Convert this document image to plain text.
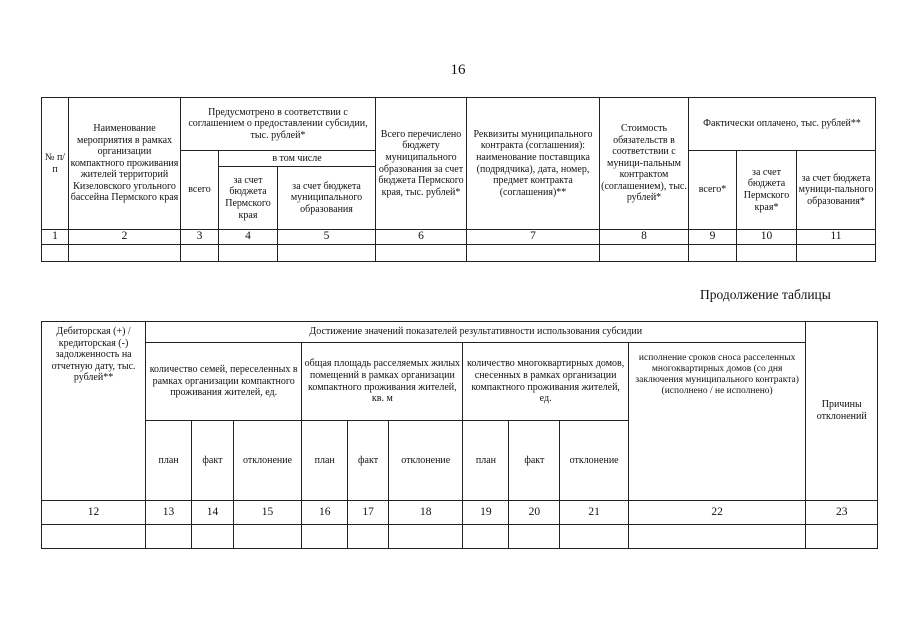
16
№ п/п	Наименование мероприятия в рамках организации компактного проживания жителей территорий Кизеловского угольного бассейна Пермского края	Предусмотрено в соответствии с соглашением о предоставлении субсидии, тыс. рублей*			Всего перечислено бюджету муниципального образования за счет бюджета Пермского края, тыс. рублей*	Реквизиты муниципального контракта (соглашения): наименование поставщика (подрядчика), дата, номер, предмет контракта (соглашения)**	Стоимость обязательств в соответствии с муници-пальным контрактом (соглашением), тыс. рублей*	Фактически оплачено, тыс. рублей**		
		всего	в том числе					всего*	за счет бюджета Пермского края*	за счет бюджета муници-пального образования*
			за счет бюджета Пермского края	за счет бюджета муниципального образования						
1	2	3	4	5	6	7	8	9	10	11

Продолжение таблицы
Дебиторская (+) / кредиторская (-) задолженность на отчетную дату, тыс. рублей**	Достижение значений показателей результативности использования субсидии										Причины отклонений
	количество семей, переселенных в рамках организации компактного проживания жителей, ед.			общая площадь расселяемых жилых помещений в рамках организации компактного проживания жителей, кв. м			количество многоквартирных домов, снесенных в рамках организации компактного проживания жителей, ед.			исполнение сроков сноса расселенных многоквартирных домов (со дня заключения муниципального контракта) (исполнено / не исполнено)	
	план	факт	отклонение	план	факт	отклонение	план	факт	отклонение		
12	13	14	15	16	17	18	19	20	21	22	23
